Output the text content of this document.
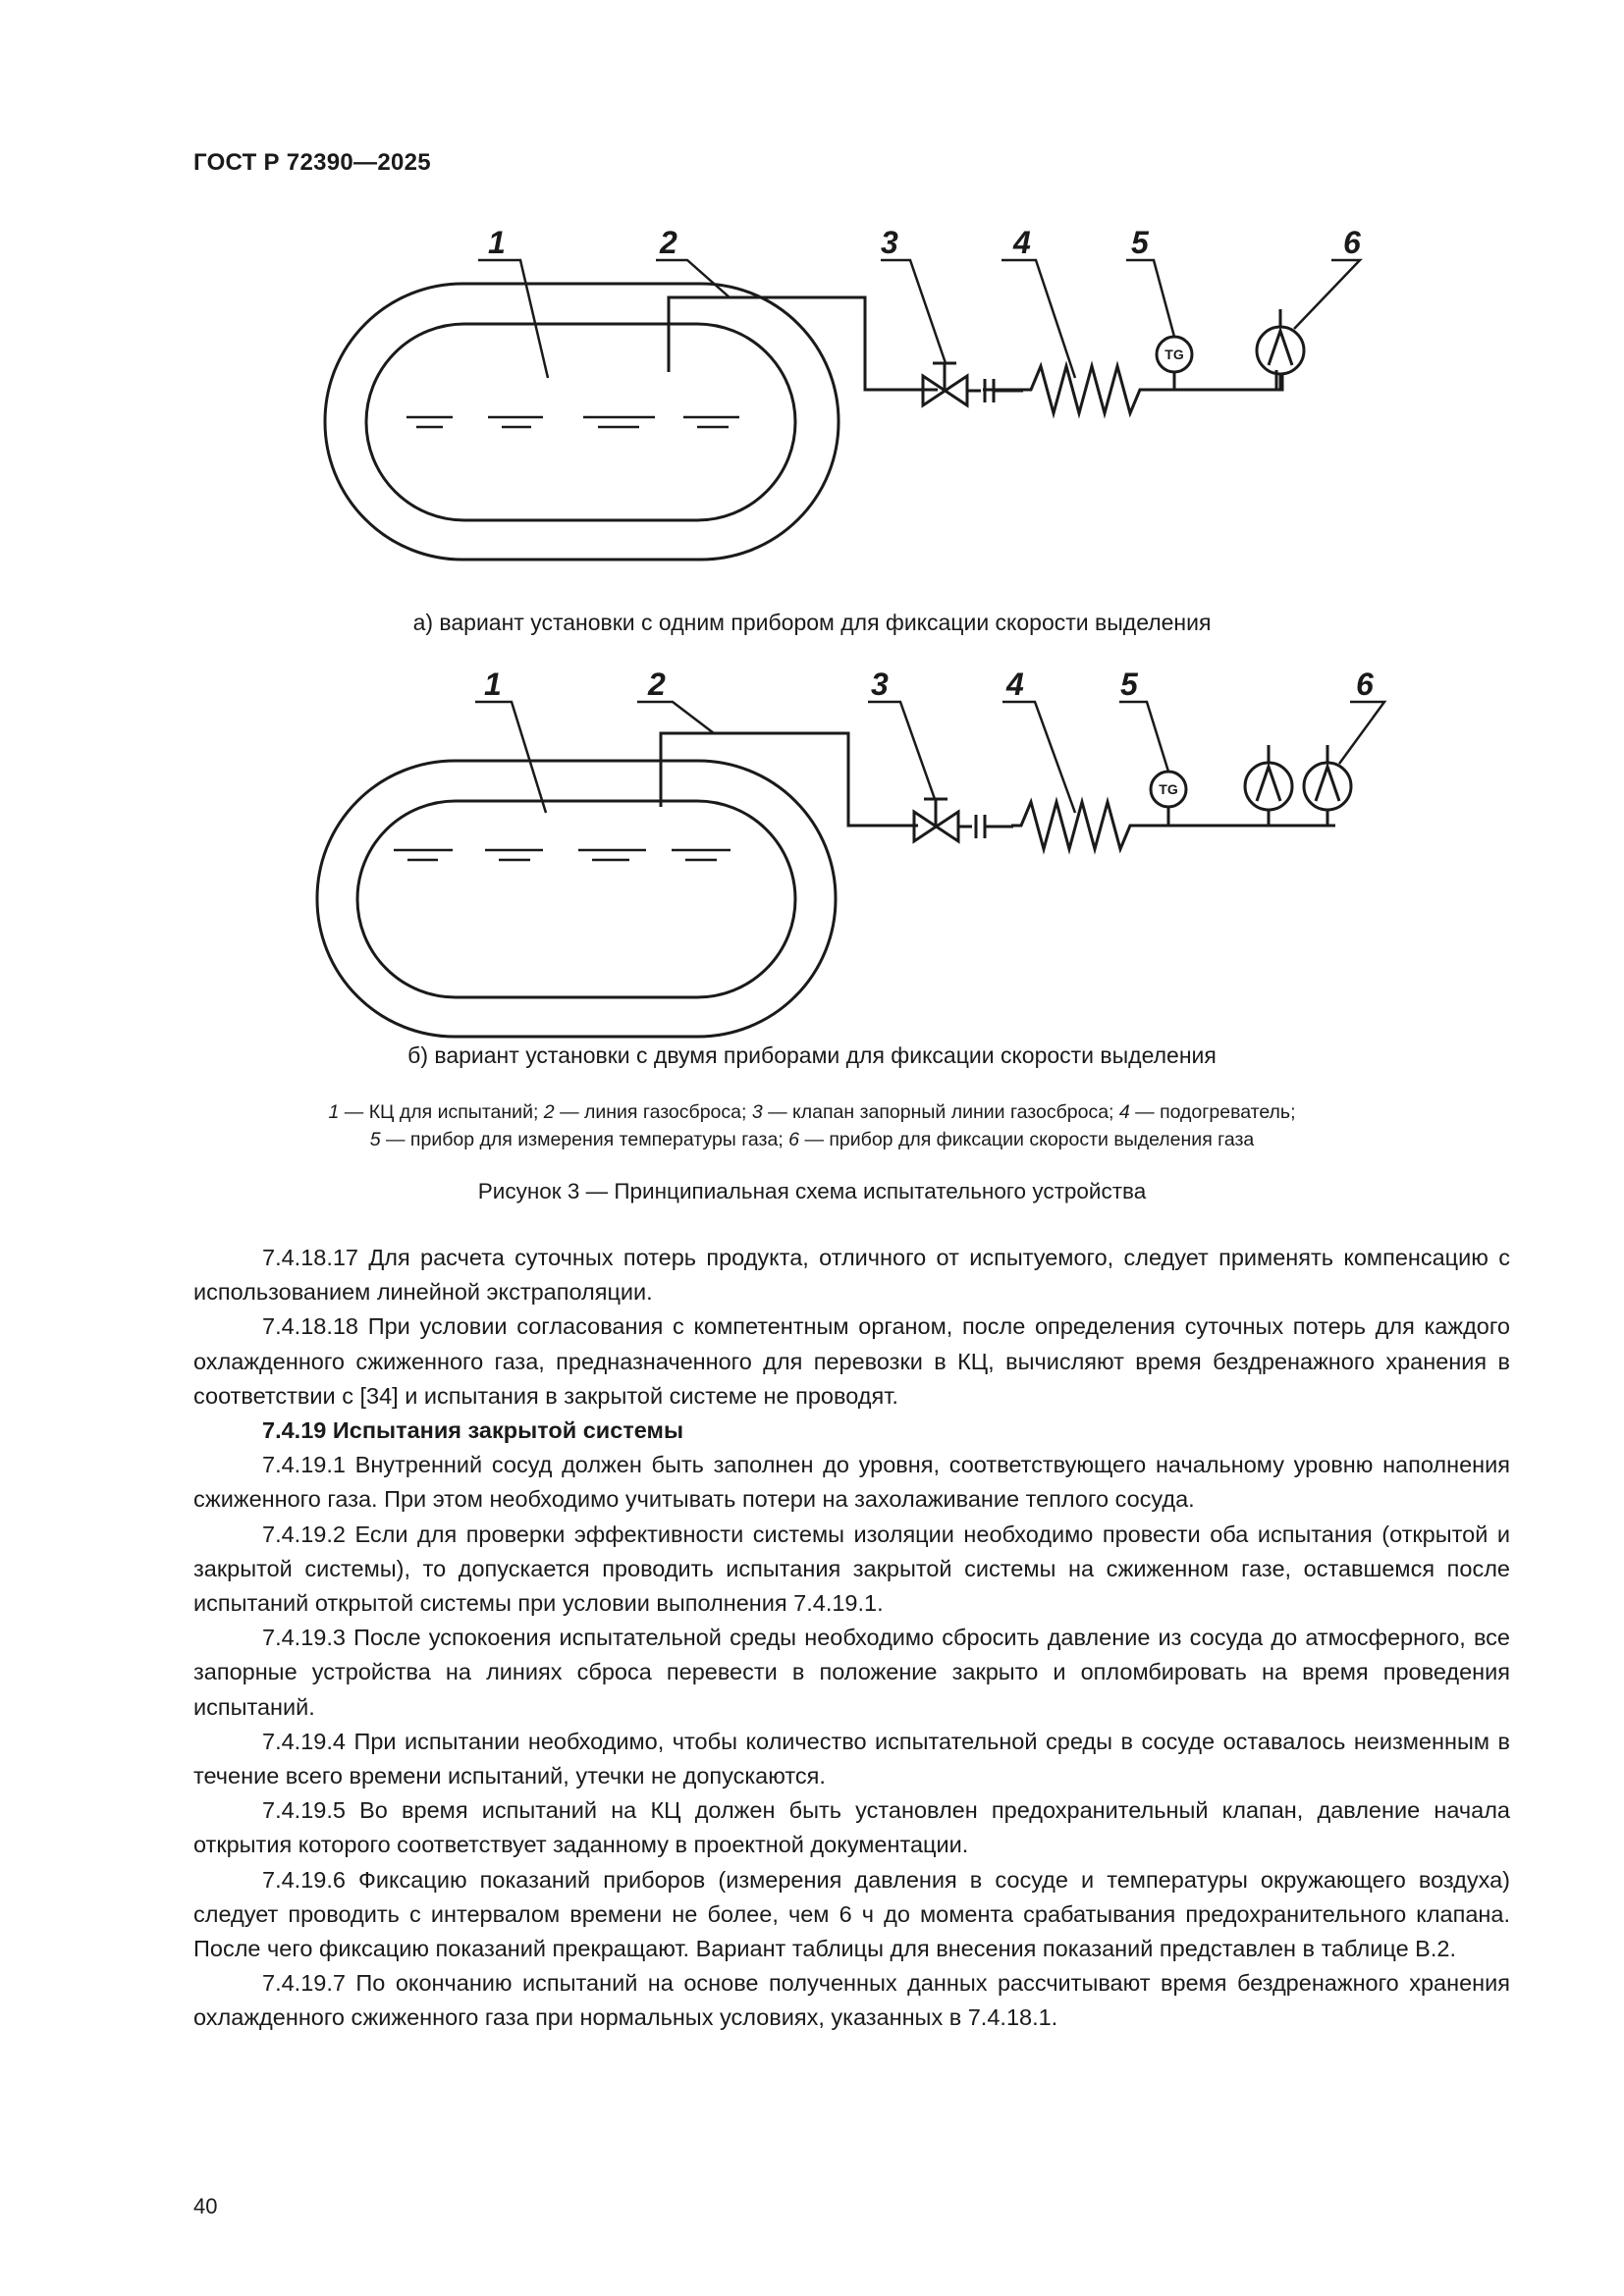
ГОСТ Р 72390—2025
TG
1	2	3	4	5	6
а) вариант установки с одним прибором для фиксации скорости выделения
TG
1	2	3	4	5	6
б) вариант установки с двумя приборами для фиксации скорости выделения
1 — КЦ для испытаний; 2 — линия газосброса; 3 — клапан запорный линии газосброса; 4 — подогреватель;
5 — прибор для измерения температуры газа; 6 — прибор для фиксации скорости выделения газа
Рисунок 3 — Принципиальная схема испытательного устройства

7.4.18.17 Для расчета суточных потерь продукта, отличного от испытуемого, следует применять компенсацию с использованием линейной экстраполяции.

7.4.18.18 При условии согласования с компетентным органом, после определения суточных потерь для каждого охлажденного сжиженного газа, предназначенного для перевозки в КЦ, вычисляют время бездренажного хранения в соответствии с [34] и испытания в закрытой системе не проводят.

7.4.19 Испытания закрытой системы

7.4.19.1 Внутренний сосуд должен быть заполнен до уровня, соответствующего начальному уровню наполнения сжиженного газа. При этом необходимо учитывать потери на захолаживание теплого сосуда.

7.4.19.2 Если для проверки эффективности системы изоляции необходимо провести оба испытания (открытой и закрытой системы), то допускается проводить испытания закрытой системы на сжиженном газе, оставшемся после испытаний открытой системы при условии выполнения 7.4.19.1.

7.4.19.3 После успокоения испытательной среды необходимо сбросить давление из сосуда до атмосферного, все запорные устройства на линиях сброса перевести в положение закрыто и опломбировать на время проведения испытаний.

7.4.19.4 При испытании необходимо, чтобы количество испытательной среды в сосуде оставалось неизменным в течение всего времени испытаний, утечки не допускаются.

7.4.19.5 Во время испытаний на КЦ должен быть установлен предохранительный клапан, давление начала открытия которого соответствует заданному в проектной документации.

7.4.19.6 Фиксацию показаний приборов (измерения давления в сосуде и температуры окружающего воздуха) следует проводить с интервалом времени не более, чем 6 ч до момента срабатывания предохранительного клапана. После чего фиксацию показаний прекращают. Вариант таблицы для внесения показаний представлен в таблице В.2.

7.4.19.7 По окончанию испытаний на основе полученных данных рассчитывают время бездренажного хранения охлажденного сжиженного газа при нормальных условиях, указанных в 7.4.18.1.

40
